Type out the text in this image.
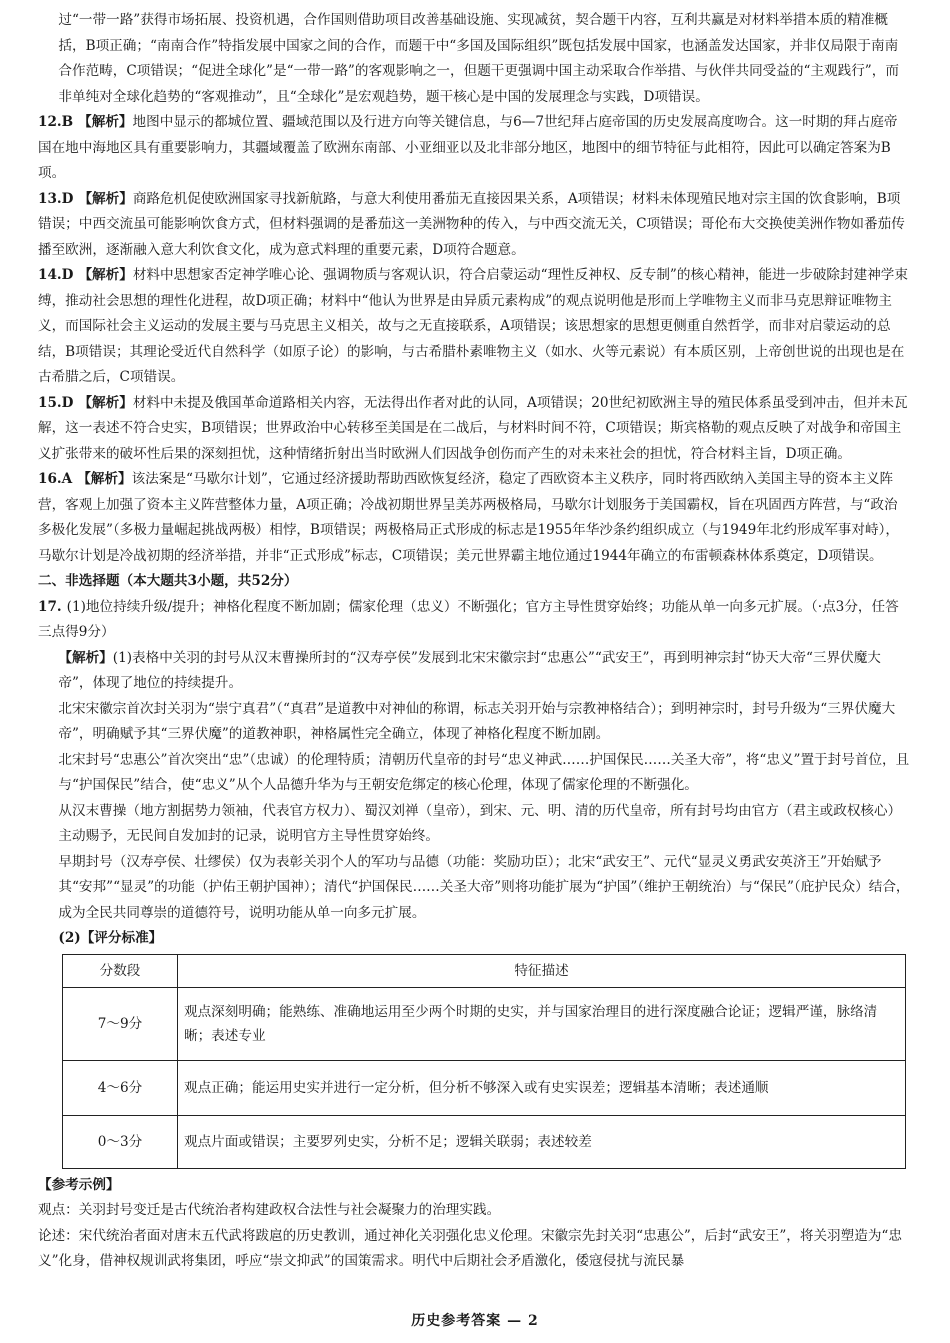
过“一带一路”获得市场拓展、投资机遇，合作国则借助项目改善基础设施、实现减贫，契合题干内容，互利共赢是对材料举措本质的精准概括，B项正确；“南南合作”特指发展中国家之间的合作，而题干中“多国及国际组织”既包括发展中国家，也涵盖发达国家，并非仅局限于南南合作范畴，C项错误；“促进全球化”是“一带一路”的客观影响之一，但题干更强调中国主动采取合作举措、与伙伴共同受益的“主观践行”，而非单纯对全球化趋势的“客观推动”，且“全球化”是宏观趋势，题干核心是中国的发展理念与实践，D项错误。

12.B 【解析】地图中显示的都城位置、疆域范围以及行进方向等关键信息，与6—7世纪拜占庭帝国的历史发展高度吻合。这一时期的拜占庭帝国在地中海地区具有重要影响力，其疆域覆盖了欧洲东南部、小亚细亚以及北非部分地区，地图中的细节特征与此相符，因此可以确定答案为B项。

13.D 【解析】商路危机促使欧洲国家寻找新航路，与意大利使用番茄无直接因果关系，A项错误；材料未体现殖民地对宗主国的饮食影响，B项错误；中西交流虽可能影响饮食方式，但材料强调的是番茄这一美洲物种的传入，与中西交流无关，C项错误；哥伦布大交换使美洲作物如番茄传播至欧洲，逐渐融入意大利饮食文化，成为意式料理的重要元素，D项符合题意。

14.D 【解析】材料中思想家否定神学唯心论、强调物质与客观认识，符合启蒙运动“理性反神权、反专制”的核心精神，能进一步破除封建神学束缚，推动社会思想的理性化进程，故D项正确；材料中“他认为世界是由异质元素构成”的观点说明他是形而上学唯物主义而非马克思辩证唯物主义，而国际社会主义运动的发展主要与马克思主义相关，故与之无直接联系，A项错误；该思想家的思想更侧重自然哲学，而非对启蒙运动的总结，B项错误；其理论受近代自然科学（如原子论）的影响，与古希腊朴素唯物主义（如水、火等元素说）有本质区别，上帝创世说的出现也是在古希腊之后，C项错误。

15.D 【解析】材料中未提及俄国革命道路相关内容，无法得出作者对此的认同，A项错误；20世纪初欧洲主导的殖民体系虽受到冲击，但并未瓦解，这一表述不符合史实，B项错误；世界政治中心转移至美国是在二战后，与材料时间不符，C项错误；斯宾格勒的观点反映了对战争和帝国主义扩张带来的破坏性后果的深刻担忧，这种情绪折射出当时欧洲人们因战争创伤而产生的对未来社会的担忧，符合材料主旨，D项正确。

16.A 【解析】该法案是“马歇尔计划”，它通过经济援助帮助西欧恢复经济，稳定了西欧资本主义秩序，同时将西欧纳入美国主导的资本主义阵营，客观上加强了资本主义阵营整体力量，A项正确；冷战初期世界呈美苏两极格局，马歇尔计划服务于美国霸权，旨在巩固西方阵营，与“政治多极化发展”（多极力量崛起挑战两极）相悖，B项错误；两极格局正式形成的标志是1955年华沙条约组织成立（与1949年北约形成军事对峙），马歇尔计划是冷战初期的经济举措，并非“正式形成”标志，C项错误；美元世界霸主地位通过1944年确立的布雷顿森林体系奠定，D项错误。

二、非选择题（本大题共3小题，共52分）

17. (1)地位持续升级/提升；神格化程度不断加剧；儒家伦理（忠义）不断强化；官方主导性贯穿始终；功能从单一向多元扩展。（·点3分，任答三点得9分）

【解析】(1)表格中关羽的封号从汉末曹操所封的“汉寿亭侯”发展到北宋宋徽宗封“忠惠公”“武安王”，再到明神宗封“协天大帝“三界伏魔大帝”，体现了地位的持续提升。

北宋宋徽宗首次封关羽为“崇宁真君”（“真君”是道教中对神仙的称谓，标志关羽开始与宗教神格结合）；到明神宗时，封号升级为“三界伏魔大帝”，明确赋予其“三界伏魔”的道教神职，神格属性完全确立，体现了神格化程度不断加剧。

北宋封号“忠惠公”首次突出“忠”（忠诚）的伦理特质；清朝历代皇帝的封号“忠义神武……护国保民……关圣大帝”，将“忠义”置于封号首位，且与“护国保民”结合，使“忠义”从个人品德升华为与王朝安危绑定的核心伦理，体现了儒家伦理的不断强化。

从汉末曹操（地方割据势力领袖，代表官方权力）、蜀汉刘禅（皇帝），到宋、元、明、清的历代皇帝，所有封号均由官方（君主或政权核心）主动赐予，无民间自发加封的记录，说明官方主导性贯穿始终。

早期封号（汉寿亭侯、壮缪侯）仅为表彰关羽个人的军功与品德（功能：奖励功臣）；北宋“武安王”、元代“显灵义勇武安英济王”开始赋予其“安邦”“显灵”的功能（护佑王朝护国神）；清代“护国保民……关圣大帝”则将功能扩展为“护国”（维护王朝统治）与“保民”（庇护民众）结合，成为全民共同尊崇的道德符号，说明功能从单一向多元扩展。

(2)【评分标准】

分数段	特征描述
7～9分	观点深刻明确；能熟练、准确地运用至少两个时期的史实，并与国家治理目的进行深度融合论证；逻辑严谨，脉络清晰；表述专业
4～6分	观点正确；能运用史实并进行一定分析，但分析不够深入或有史实误差；逻辑基本清晰；表述通顺
0～3分	观点片面或错误；主要罗列史实，分析不足；逻辑关联弱；表述较差

【参考示例】

观点：关羽封号变迁是古代统治者构建政权合法性与社会凝聚力的治理实践。

论述：宋代统治者面对唐末五代武将跋扈的历史教训，通过神化关羽强化忠义伦理。宋徽宗先封关羽“忠惠公”，后封“武安王”，将关羽塑造为“忠义”化身，借神权规训武将集团，呼应“崇文抑武”的国策需求。明代中后期社会矛盾激化，倭寇侵扰与流民暴

历史参考答案 — 2
